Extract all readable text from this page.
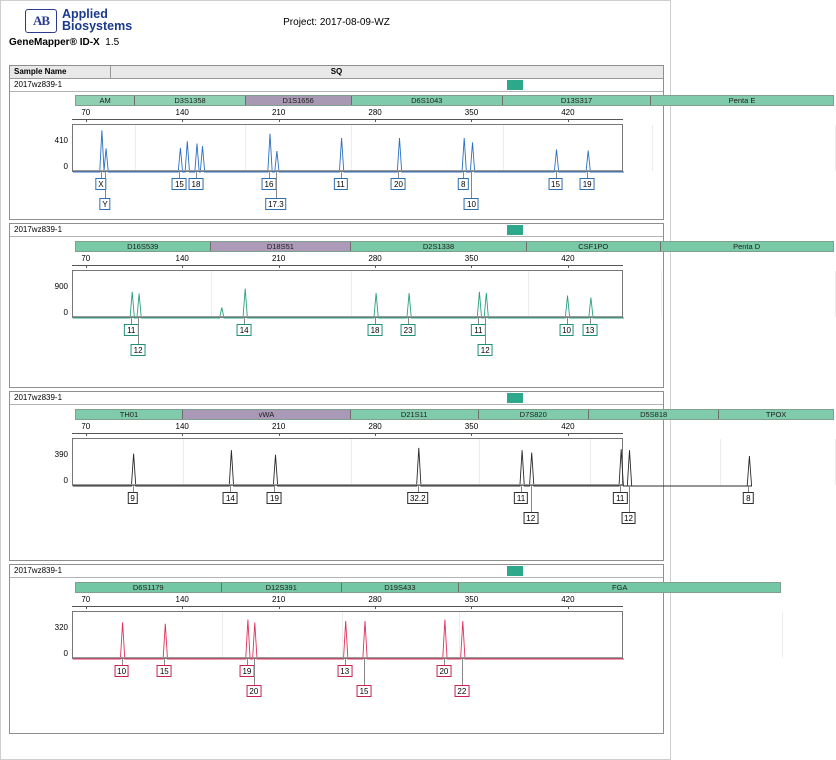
AB	Applied
Biosystems
GeneMapper® ID-X 1.5
Project: 2017-08-09-WZ
Sample Name	SQ
2017wz839-1
AM	D3S1358	D1S1656	D6S1043	D13S317	Penta E
70	140	210	280	350	420
410
0
X
Y
15 18	16
17.3
11	20	8
10
15	19
2017wz839-1
D16S539	D18S51	D2S1338	CSF1PO	Penta D
70	140	210	280	350	420
900
0
11
12
14	18	23	11
12
10	13
2017wz839-1
TH01	vWA	D21S11	D7S820	D5S818	TPOX
70	140	210	280	350	420
390
0
9	14	19	32.2	11
12
11
12
8
2017wz839-1
D6S1179	D12S391	D19S433	FGA
70	140	210	280	350	420
320
0
10	15	19
20
13
15
20
22
